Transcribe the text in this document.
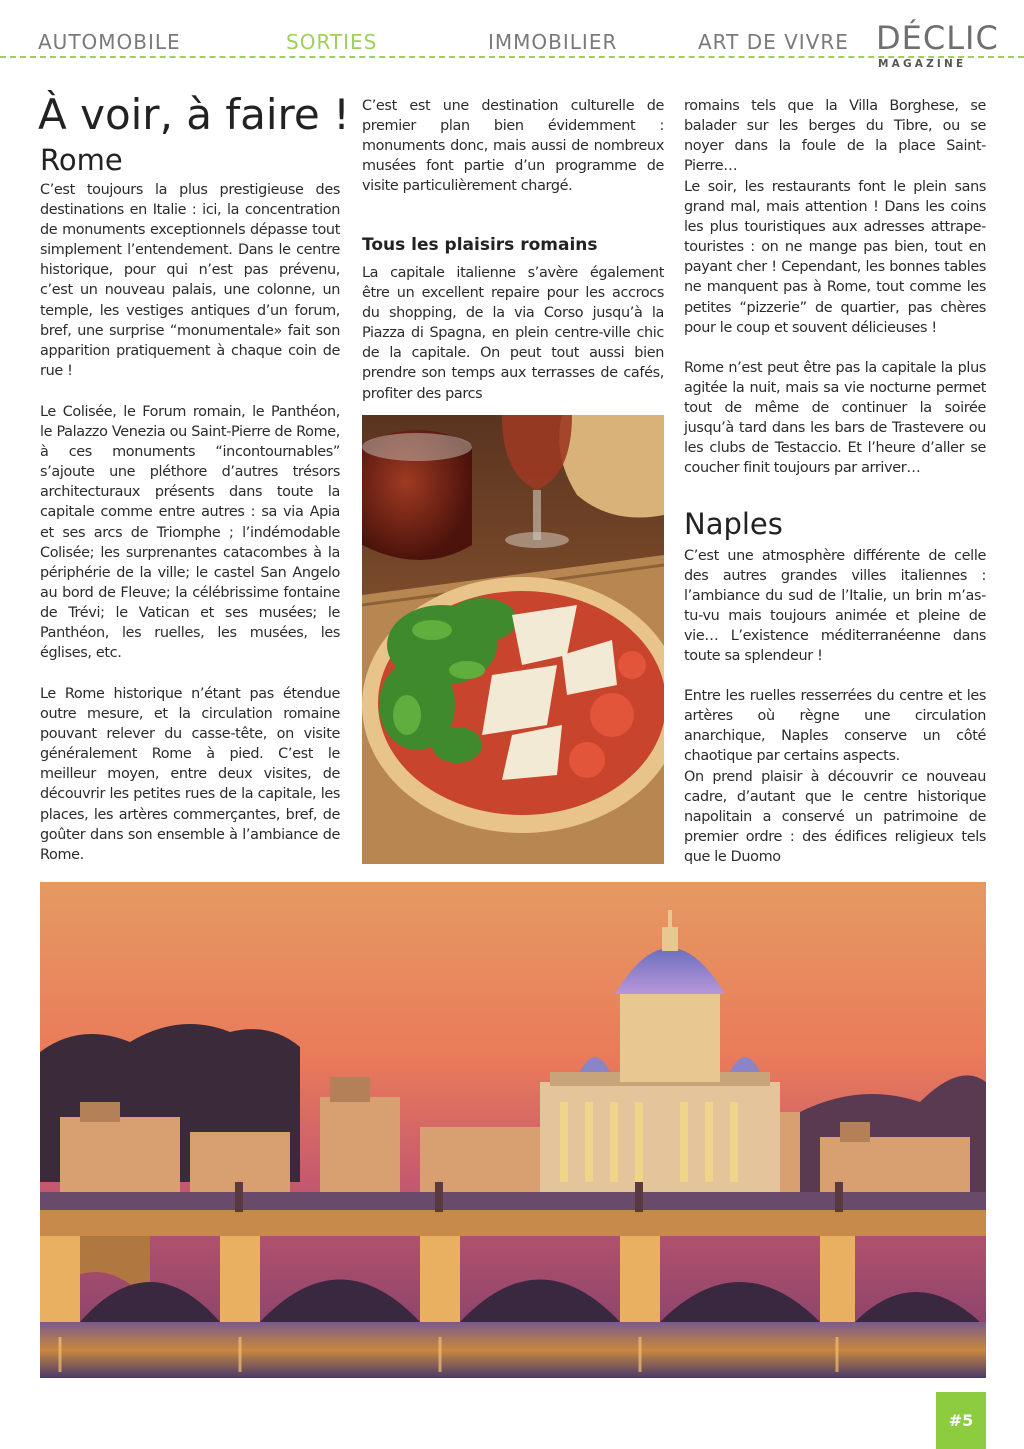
AUTOMOBILE	SORTIES	IMMOBILIER	ART DE VIVRE DÉCLIC
MAGAZINE
À voir, à faire !
Rome

C’est toujours la plus prestigieuse des destinations en Italie : ici, la concentration de monuments exceptionnels dépasse tout simplement l’entendement. Dans le centre historique, pour qui n’est pas prévenu, c’est un nouveau palais, une colonne, un temple, les vestiges antiques d’un forum, bref, une surprise “monumentale» fait son apparition pratiquement à chaque coin de rue !

Le Colisée, le Forum romain, le Panthéon, le Palazzo Venezia ou Saint-Pierre de Rome, à ces monuments “incontournables” s’ajoute une pléthore d’autres trésors architecturaux présents dans toute la capitale comme entre autres : sa via Apia et ses arcs de Triomphe ; l’indémodable Colisée; les surprenantes catacombes à la périphérie de la ville; le castel San Angelo au bord de Fleuve; la célébrissime fontaine de Trévi; le Vatican et ses musées; le Panthéon, les ruelles, les musées, les églises, etc.

Le Rome historique n’étant pas étendue outre mesure, et la circulation romaine pouvant relever du casse-tête, on visite généralement Rome à pied. C’est le meilleur moyen, entre deux visites, de découvrir les petites rues de la capitale, les places, les artères commerçantes, bref, de goûter dans son ensemble à l’ambiance de Rome.

C’est est une destination culturelle de premier plan bien évidemment : monuments donc, mais aussi de nombreux musées font partie d’un programme de visite particulièrement chargé.

Tous les plaisirs romains

La capitale italienne s’avère également être un excellent repaire pour les accrocs du shopping, de la via Corso jusqu’à la Piazza di Spagna, en plein centre-ville chic de la capitale. On peut tout aussi bien prendre son temps aux terrasses de cafés, profiter des parcs

romains tels que la Villa Borghese, se balader sur les berges du Tibre, ou se noyer dans la foule de la place Saint-Pierre…

Le soir, les restaurants font le plein sans grand mal, mais attention ! Dans les coins les plus touristiques aux adresses attrape-touristes : on ne mange pas bien, tout en payant cher ! Cependant, les bonnes tables ne manquent pas à Rome, tout comme les petites “pizzerie” de quartier, pas chères pour le coup et souvent délicieuses !

Rome n’est peut être pas la capitale la plus agitée la nuit, mais sa vie nocturne permet tout de même de continuer la soirée jusqu’à tard dans les bars de Trastevere ou les clubs de Testaccio. Et l’heure d’aller se coucher finit toujours par arriver…

Naples

C’est une atmosphère différente de celle des autres grandes villes italiennes : l’ambiance du sud de l’Italie, un brin m’as-tu-vu mais toujours animée et pleine de vie… L’existence méditerranéenne dans toute sa splendeur !

Entre les ruelles resserrées du centre et les artères où règne une circulation anarchique, Naples conserve un côté chaotique par certains aspects.

On prend plaisir à découvrir ce nouveau cadre, d’autant que le centre historique napolitain a conservé un patrimoine de premier ordre : des édifices religieux tels que le Duomo

#5
